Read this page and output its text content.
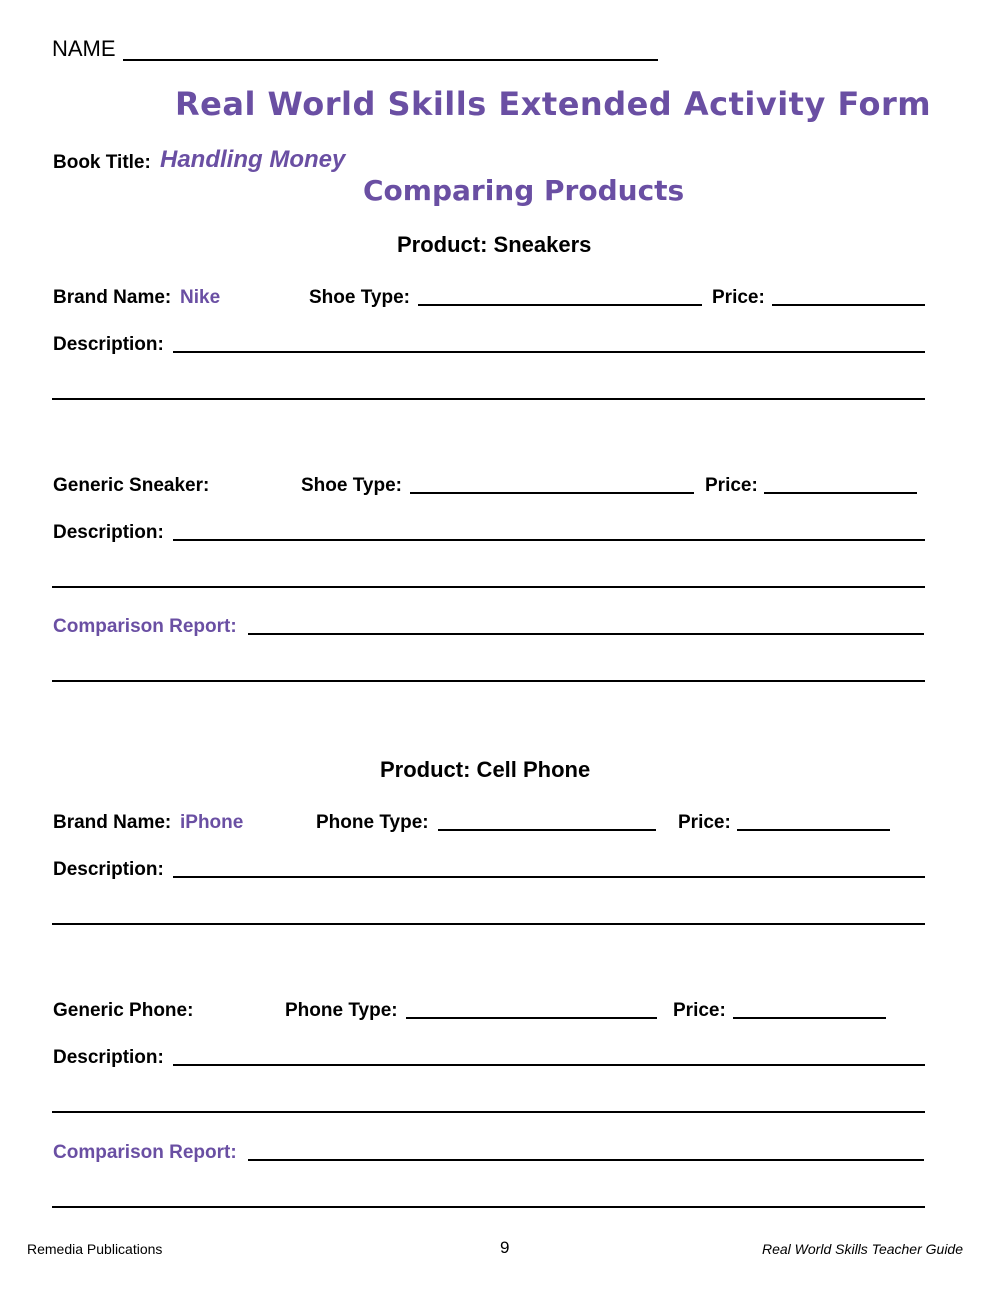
NAME
Real World Skills Extended Activity Form
Book Title: Handling Money
Comparing Products
Product: Sneakers
Brand Name: Nike	Shoe Type:	Price:
Description:
Generic Sneaker:	Shoe Type:	Price:
Description:
Comparison Report:
Product: Cell Phone
Brand Name: iPhone	Phone Type:	Price:
Description:
Generic Phone:	Phone Type:	Price:
Description:
Comparison Report:
Remedia Publications	9	Real World Skills Teacher Guide
